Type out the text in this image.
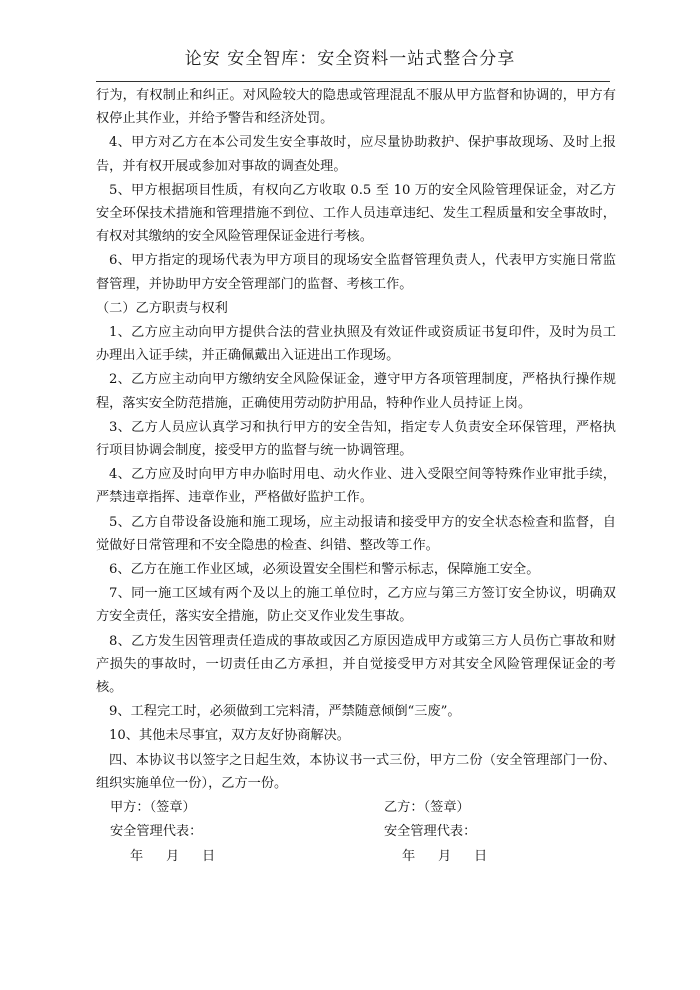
论安 安全智库：安全资料一站式整合分享

行为，有权制止和纠正。对风险较大的隐患或管理混乱不服从甲方监督和协调的，甲方有权停止其作业，并给予警告和经济处罚。

4、甲方对乙方在本公司发生安全事故时，应尽量协助救护、保护事故现场、及时上报告，并有权开展或参加对事故的调查处理。

5、甲方根据项目性质，有权向乙方收取 0.5 至 10 万的安全风险管理保证金，对乙方安全环保技术措施和管理措施不到位、工作人员违章违纪、发生工程质量和安全事故时，有权对其缴纳的安全风险管理保证金进行考核。

6、甲方指定的现场代表为甲方项目的现场安全监督管理负责人，代表甲方实施日常监督管理，并协助甲方安全管理部门的监督、考核工作。

（二）乙方职责与权利

1、乙方应主动向甲方提供合法的营业执照及有效证件或资质证书复印件，及时为员工办理出入证手续，并正确佩戴出入证进出工作现场。

2、乙方应主动向甲方缴纳安全风险保证金，遵守甲方各项管理制度，严格执行操作规程，落实安全防范措施，正确使用劳动防护用品，特种作业人员持证上岗。

3、乙方人员应认真学习和执行甲方的安全告知，指定专人负责安全环保管理，严格执行项目协调会制度，接受甲方的监督与统一协调管理。

4、乙方应及时向甲方申办临时用电、动火作业、进入受限空间等特殊作业审批手续，严禁违章指挥、违章作业，严格做好监护工作。

5、乙方自带设备设施和施工现场，应主动报请和接受甲方的安全状态检查和监督，自觉做好日常管理和不安全隐患的检查、纠错、整改等工作。

6、乙方在施工作业区域，必须设置安全围栏和警示标志，保障施工安全。

7、同一施工区域有两个及以上的施工单位时，乙方应与第三方签订安全协议，明确双方安全责任，落实安全措施，防止交叉作业发生事故。

8、乙方发生因管理责任造成的事故或因乙方原因造成甲方或第三方人员伤亡事故和财产损失的事故时，一切责任由乙方承担，并自觉接受甲方对其安全风险管理保证金的考核。

9、工程完工时，必须做到工完料清，严禁随意倾倒“三废”。

10、其他未尽事宜，双方友好协商解决。

四、本协议书以签字之日起生效，本协议书一式三份，甲方二份（安全管理部门一份、组织实施单位一份），乙方一份。

甲方：（签章）	乙方：（签章）
安全管理代表：	安全管理代表：
年 月 日	年 月 日
